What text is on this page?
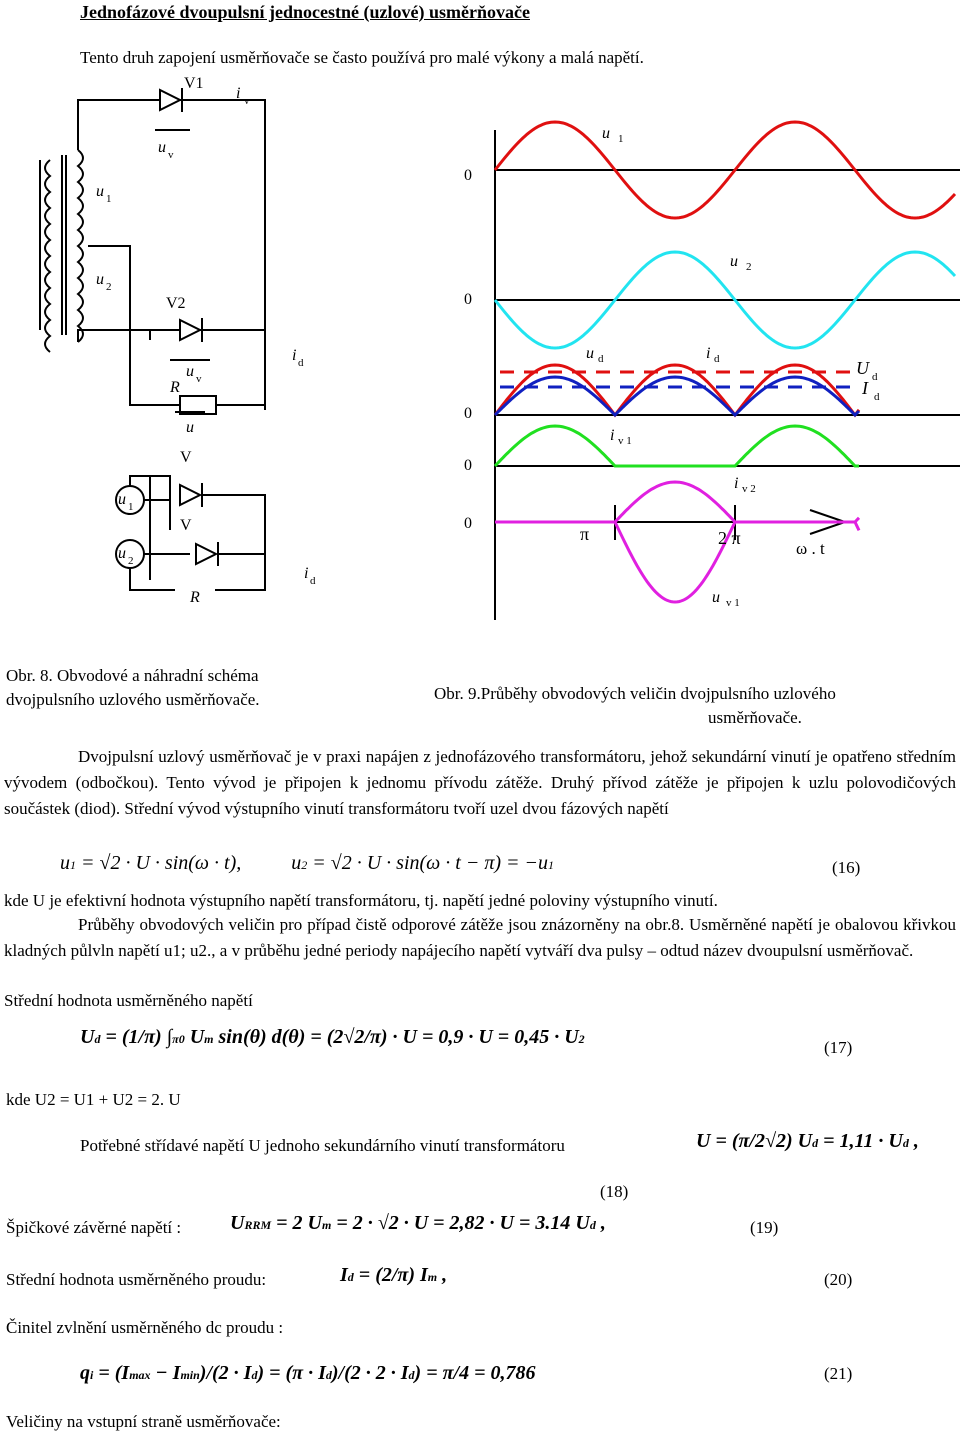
Jednofázové dvoupulsní jednocestné (uzlové) usměrňovače
Tento druh zapojení usměrňovače se často používá pro malé výkony a malá napětí.
V1
i v
u v
u 1
u 2
V2
u v
R
u
i d
V
u 1
V
u 2
i d
R
0
0
0
0
0
u 1
u 2
u d	i d	U d
I d
i v 1
i v 2
π	2 π
ω . t
u v 1
Obr. 8. Obvodové a náhradní schéma
dvojpulsního uzlového usměrňovače.	Obr. 9.Průběhy obvodových veličin dvojpulsního uzlového
usměrňovače.
Dvojpulsní uzlový usměrňovač je v praxi napájen z jednofázového transformátoru, jehož sekundární vinutí je opatřeno středním vývodem (odbočkou). Tento vývod je připojen k jednomu přívodu zátěže. Druhý přívod zátěže je připojen k uzlu polovodičových součástek (diod). Střední vývod výstupního vinutí transformátoru tvoří uzel dvou fázových napětí
u1 = √2 · U · sin(ω · t),          u2 = √2 · U · sin(ω · t − π) = −u1	(16)
kde U je efektivní hodnota výstupního napětí transformátoru, tj. napětí jedné poloviny výstupního vinutí.
Průběhy obvodových veličin pro případ čistě odporové zátěže jsou znázorněny na obr.8. Usměrněné napětí je obalovou křivkou kladných půlvln napětí u1; u2., a v průběhu jedné periody napájecího napětí vytváří dva pulsy – odtud název dvoupulsní usměrňovač.
Střední hodnota usměrněného napětí
Ud = (1/π) ∫π0 Um sin(θ) d(θ) = (2√2/π) · U = 0,9 · U = 0,45 · U2	(17)
kde U2 = U1 + U2 = 2. U
Potřebné střídavé napětí U jednoho sekundárního vinutí transformátoru	U = (π/2√2) Ud = 1,11 · Ud ,
(18)
Špičkové závěrné napětí : URRM = 2 Um = 2 · √2 · U = 2,82 · U = 3.14 Ud ,	(19)
Střední hodnota usměrněného proudu:	Id = (2/π) Im ,	(20)
Činitel zvlnění usměrněného dc proudu :
qi = (Imax − Imin)/(2 · Id) = (π · Id)/(2 · 2 · Id) = π/4 = 0,786	(21)
Veličiny na vstupní straně usměrňovače:
